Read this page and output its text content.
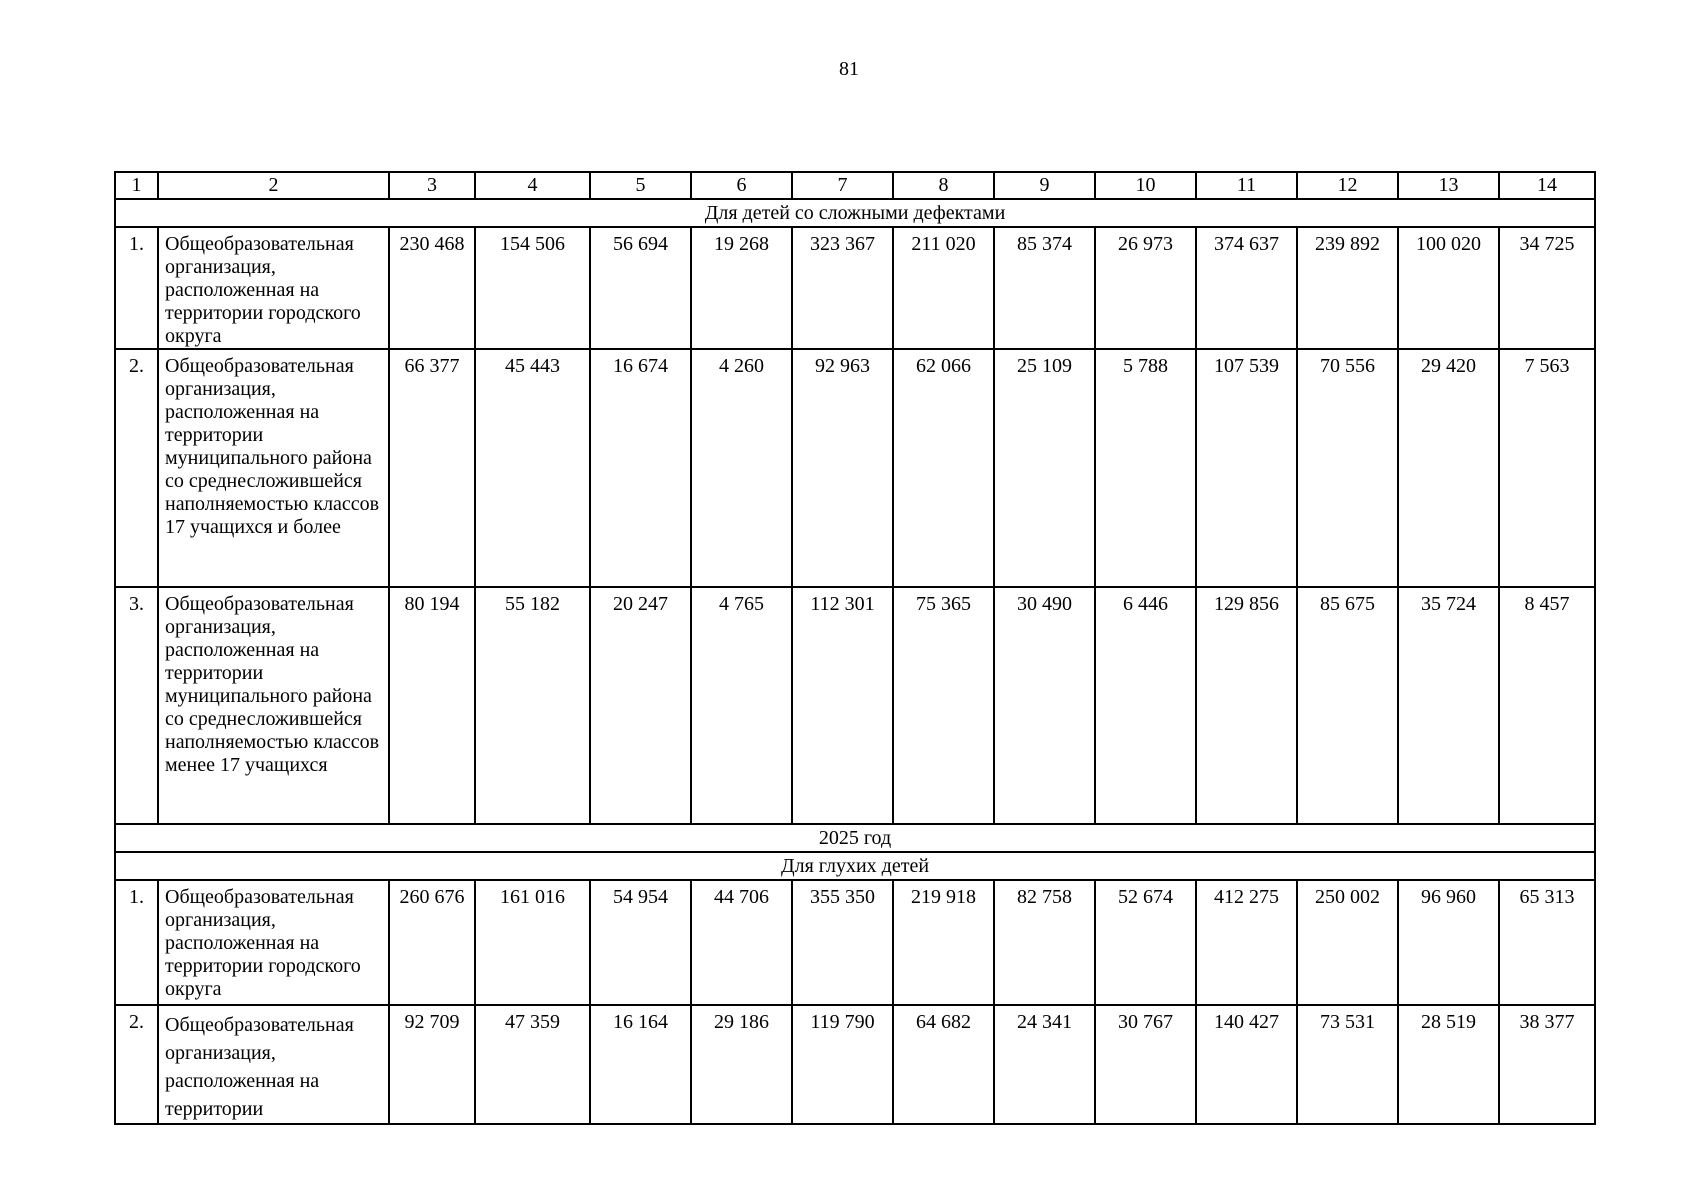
81
1	2	3	4	5	6	7	8	9	10	11	12	13	14
Для детей со сложными дефектами													
1.	Общеобразовательная организация, расположенная на территории городского округа	230 468	154 506	56 694	19 268	323 367	211 020	85 374	26 973	374 637	239 892	100 020	34 725
2.	Общеобразовательная организация, расположенная на территории муниципального района со среднесложившейся наполняемостью классов 17 учащихся и более	66 377	45 443	16 674	4 260	92 963	62 066	25 109	5 788	107 539	70 556	29 420	7 563
3.	Общеобразовательная организация, расположенная на территории муниципального района со среднесложившейся наполняемостью классов менее 17 учащихся	80 194	55 182	20 247	4 765	112 301	75 365	30 490	6 446	129 856	85 675	35 724	8 457
2025 год													
Для глухих детей													
1.	Общеобразовательная организация, расположенная на территории городского округа	260 676	161 016	54 954	44 706	355 350	219 918	82 758	52 674	412 275	250 002	96 960	65 313
2.	Общеобразовательная организация, расположенная на территории	92 709	47 359	16 164	29 186	119 790	64 682	24 341	30 767	140 427	73 531	28 519	38 377
